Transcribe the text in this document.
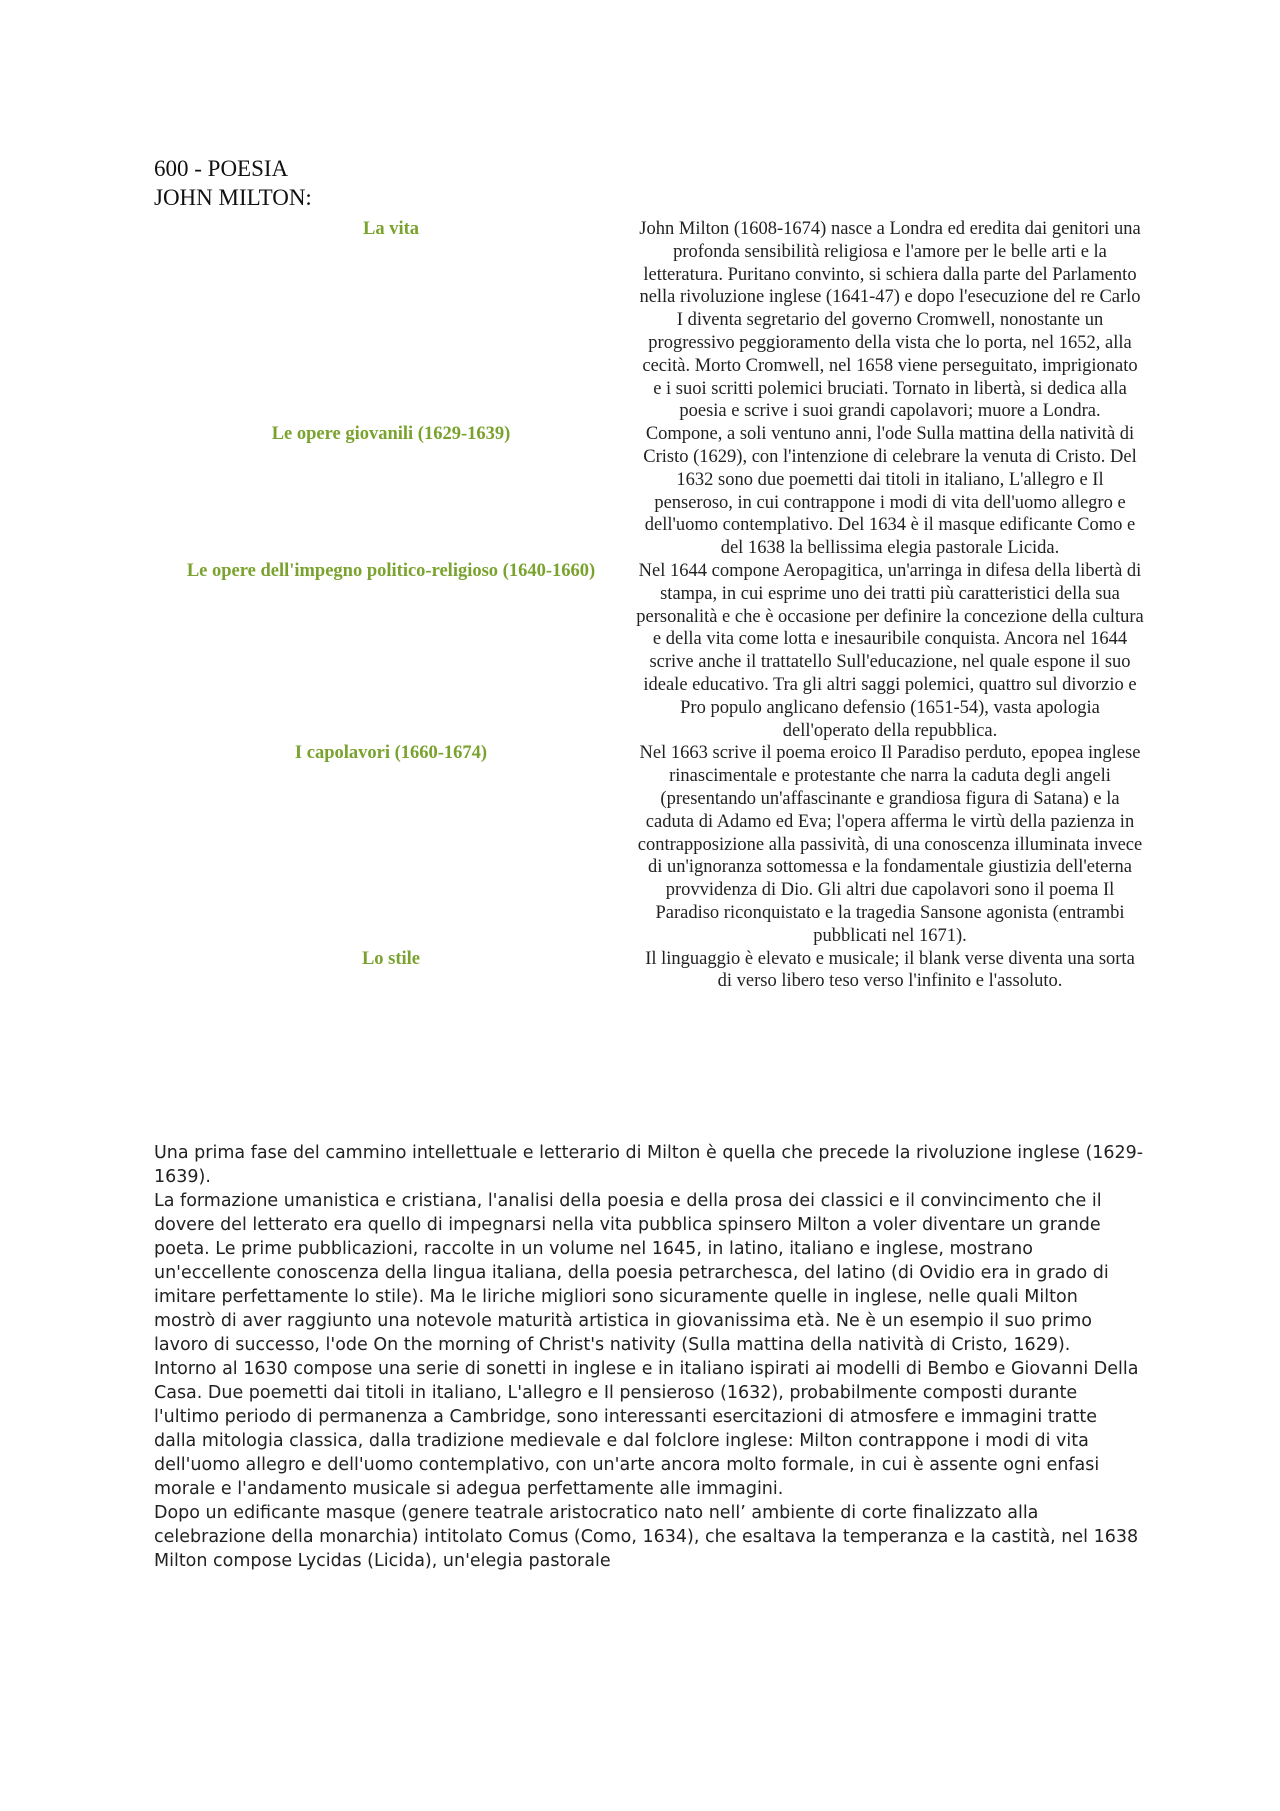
600 - POESIA
JOHN MILTON:
La vita	John Milton (1608-1674) nasce a Londra ed eredita dai genitori una profonda sensibilità religiosa e l'amore per le belle arti e la letteratura. Puritano convinto, si schiera dalla parte del Parlamento nella rivoluzione inglese (1641-47) e dopo l'esecuzione del re Carlo I diventa segretario del governo Cromwell, nonostante un progressivo peggioramento della vista che lo porta, nel 1652, alla cecità. Morto Cromwell, nel 1658 viene perseguitato, imprigionato e i suoi scritti polemici bruciati. Tornato in libertà, si dedica alla poesia e scrive i suoi grandi capolavori; muore a Londra.
Le opere giovanili (1629-1639)	Compone, a soli ventuno anni, l'ode Sulla mattina della natività di Cristo (1629), con l'intenzione di celebrare la venuta di Cristo. Del 1632 sono due poemetti dai titoli in italiano, L'allegro e Il penseroso, in cui contrappone i modi di vita dell'uomo allegro e dell'uomo contemplativo. Del 1634 è il masque edificante Como e del 1638 la bellissima elegia pastorale Licida.
Le opere dell'impegno politico-religioso (1640-1660)	Nel 1644 compone Aeropagitica, un'arringa in difesa della libertà di stampa, in cui esprime uno dei tratti più caratteristici della sua personalità e che è occasione per definire la concezione della cultura e della vita come lotta e inesauribile conquista. Ancora nel 1644 scrive anche il trattatello Sull'educazione, nel quale espone il suo ideale educativo. Tra gli altri saggi polemici, quattro sul divorzio e Pro populo anglicano defensio (1651-54), vasta apologia dell'operato della repubblica.
I capolavori (1660-1674)	Nel 1663 scrive il poema eroico Il Paradiso perduto, epopea inglese rinascimentale e protestante che narra la caduta degli angeli (presentando un'affascinante e grandiosa figura di Satana) e la caduta di Adamo ed Eva; l'opera afferma le virtù della pazienza in contrapposizione alla passività, di una conoscenza illuminata invece di un'ignoranza sottomessa e la fondamentale giustizia dell'eterna provvidenza di Dio. Gli altri due capolavori sono il poema Il Paradiso riconquistato e la tragedia Sansone agonista (entrambi pubblicati nel 1671).
Lo stile	Il linguaggio è elevato e musicale; il blank verse diventa una sorta di verso libero teso verso l'infinito e l'assoluto.

Una prima fase del cammino intellettuale e letterario di Milton è quella che precede la rivoluzione inglese (1629-1639).

La formazione umanistica e cristiana, l'analisi della poesia e della prosa dei classici e il convincimento che il dovere del letterato era quello di impegnarsi nella vita pubblica spinsero Milton a voler diventare un grande poeta. Le prime pubblicazioni, raccolte in un volume nel 1645, in latino, italiano e inglese, mostrano un'eccellente conoscenza della lingua italiana, della poesia petrarchesca, del latino (di Ovidio era in grado di imitare perfettamente lo stile). Ma le liriche migliori sono sicuramente quelle in inglese, nelle quali Milton mostrò di aver raggiunto una notevole maturità artistica in giovanissima età. Ne è un esempio il suo primo lavoro di successo, l'ode On the morning of Christ's nativity (Sulla mattina della natività di Cristo, 1629).

Intorno al 1630 compose una serie di sonetti in inglese e in italiano ispirati ai modelli di Bembo e Giovanni Della Casa. Due poemetti dai titoli in italiano, L'allegro e Il pensieroso (1632), probabilmente composti durante l'ultimo periodo di permanenza a Cambridge, sono interessanti esercitazioni di atmosfere e immagini tratte dalla mitologia classica, dalla tradizione medievale e dal folclore inglese: Milton contrappone i modi di vita dell'uomo allegro e dell'uomo contemplativo, con un'arte ancora molto formale, in cui è assente ogni enfasi morale e l'andamento musicale si adegua perfettamente alle immagini.

Dopo un edificante masque (genere teatrale aristocratico nato nell’ ambiente di corte finalizzato alla celebrazione della monarchia) intitolato Comus (Como, 1634), che esaltava la temperanza e la castità, nel 1638 Milton compose Lycidas (Licida), un'elegia pastorale
